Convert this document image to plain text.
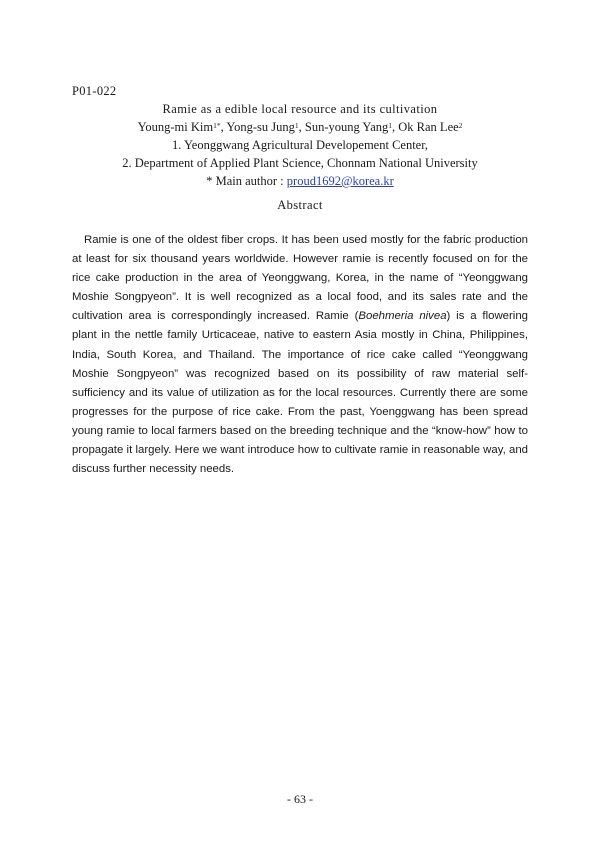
P01-022
Ramie as a edible local resource and its cultivation
Young-mi Kim$^{1*}$, Yong-su Jung$^1$, Sun-young Yang$^1$, Ok Ran Lee$^2$
1. Yeonggwang Agricultural Developement Center,
2. Department of Applied Plant Science, Chonnam National University
* Main author : proud1692@korea.kr
Abstract
Ramie is one of the oldest fiber crops. It has been used mostly for the fabric production at least for six thousand years worldwide. However ramie is recently focused on for the rice cake production in the area of Yeonggwang, Korea, in the name of “Yeonggwang Moshie Songpyeon”. It is well recognized as a local food, and its sales rate and the cultivation area is correspondingly increased. Ramie (Boehmeria nivea) is a flowering plant in the nettle family Urticaceae, native to eastern Asia mostly in China, Philippines, India, South Korea, and Thailand. The importance of rice cake called “Yeonggwang Moshie Songpyeon” was recognized based on its possibility of raw material self-sufficiency and its value of utilization as for the local resources. Currently there are some progresses for the purpose of rice cake. From the past, Yoenggwang has been spread young ramie to local farmers based on the breeding technique and the “know-how” how to propagate it largely. Here we want introduce how to cultivate ramie in reasonable way, and discuss further necessity needs.
- 63 -
